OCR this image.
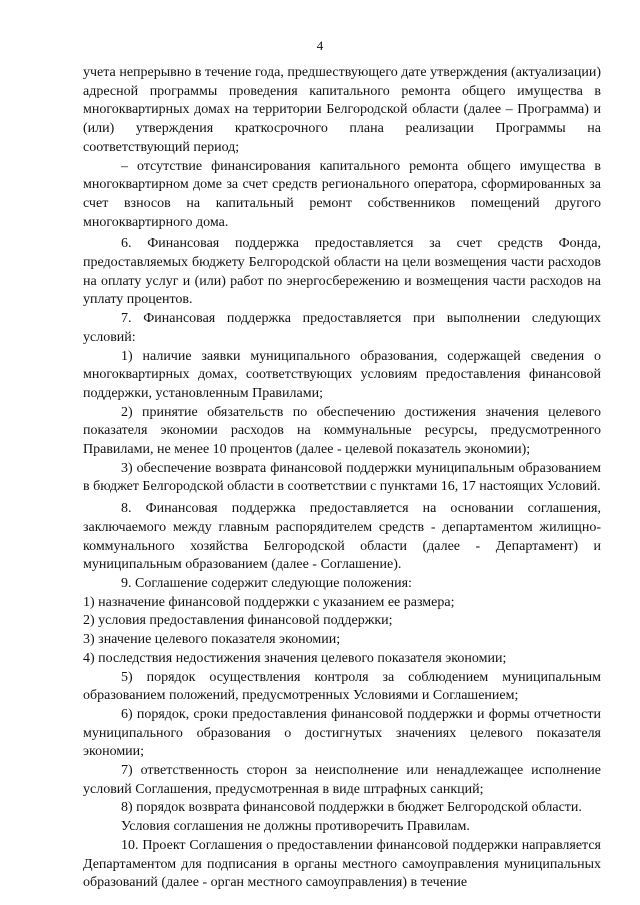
4

учета непрерывно в течение года, предшествующего дате утверждения (актуализации) адресной программы проведения капитального ремонта общего имущества в многоквартирных домах на территории Белгородской области (далее – Программа) и (или) утверждения краткосрочного плана реализации Программы на соответствующий период;

– отсутствие финансирования капитального ремонта общего имущества в многоквартирном доме за счет средств регионального оператора, сформированных за счет взносов на капитальный ремонт собственников помещений другого многоквартирного дома.

6. Финансовая поддержка предоставляется за счет средств Фонда, предоставляемых бюджету Белгородской области на цели возмещения части расходов на оплату услуг и (или) работ по энергосбережению и возмещения части расходов на уплату процентов.

7. Финансовая поддержка предоставляется при выполнении следующих условий:

1) наличие заявки муниципального образования, содержащей сведения о многоквартирных домах, соответствующих условиям предоставления финансовой поддержки, установленным Правилами;

2) принятие обязательств по обеспечению достижения значения целевого показателя экономии расходов на коммунальные ресурсы, предусмотренного Правилами, не менее 10 процентов (далее - целевой показатель экономии);

3) обеспечение возврата финансовой поддержки муниципальным образованием в бюджет Белгородской области в соответствии с пунктами 16, 17 настоящих Условий.

8. Финансовая поддержка предоставляется на основании соглашения, заключаемого между главным распорядителем средств - департаментом жилищно-коммунального хозяйства Белгородской области (далее - Департамент) и муниципальным образованием (далее - Соглашение).

9. Соглашение содержит следующие положения:

1) назначение финансовой поддержки с указанием ее размера;

2) условия предоставления финансовой поддержки;

3) значение целевого показателя экономии;

4) последствия недостижения значения целевого показателя экономии;

5) порядок осуществления контроля за соблюдением муниципальным образованием положений, предусмотренных Условиями и Соглашением;

6) порядок, сроки предоставления финансовой поддержки и формы отчетности муниципального образования о достигнутых значениях целевого показателя экономии;

7) ответственность сторон за неисполнение или ненадлежащее исполнение условий Соглашения, предусмотренная в виде штрафных санкций;

8) порядок возврата финансовой поддержки в бюджет Белгородской области.

Условия соглашения не должны противоречить Правилам.

10. Проект Соглашения о предоставлении финансовой поддержки направляется Департаментом для подписания в органы местного самоуправления муниципальных образований (далее - орган местного самоуправления) в течение
